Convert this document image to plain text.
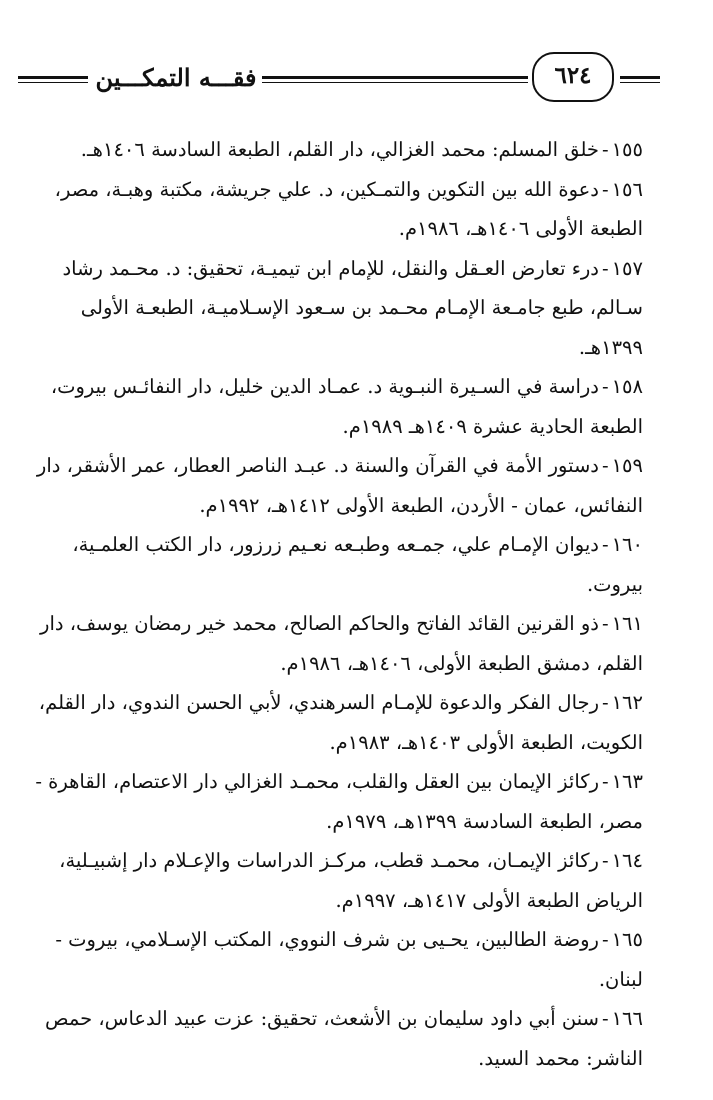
فقـــه التمكـــين	٦٢٤
١٥٥-خلق المسلم: محمد الغزالي، دار القلم، الطبعة السادسة ١٤٠٦هـ.
١٥٦-دعوة الله بين التكوين والتمـكين، د. علي جريشة، مكتبة وهبـة، مصر، الطبعة الأولى ١٤٠٦هـ، ١٩٨٦م.
١٥٧-درء تعارض العـقل والنقل، للإمام ابن تيميـة، تحقيق: د. محـمد رشاد سـالم، طبع جامـعة الإمـام محـمد بن سـعود الإسـلاميـة، الطبعـة الأولى ١٣٩٩هـ.
١٥٨-دراسة في السـيرة النبـوية د. عمـاد الدين خليل، دار النفائـس بيروت، الطبعة الحادية عشرة ١٤٠٩هـ ١٩٨٩م.
١٥٩-دستور الأمة في القرآن والسنة د. عبـد الناصر العطار، عمر الأشقر، دار النفائس، عمان - الأردن، الطبعة الأولى ١٤١٢هـ، ١٩٩٢م.
١٦٠-ديوان الإمـام علي، جمـعه وطبـعه نعـيم زرزور، دار الكتب العلمـية، بيروت.
١٦١-ذو القرنين القائد الفاتح والحاكم الصالح، محمد خير رمضان يوسف، دار القلم، دمشق الطبعة الأولى، ١٤٠٦هـ، ١٩٨٦م.
١٦٢-رجال الفكر والدعوة للإمـام السرهندي، لأبي الحسن الندوي، دار القلم، الكويت، الطبعة الأولى ١٤٠٣هـ، ١٩٨٣م.
١٦٣-ركائز الإيمان بين العقل والقلب، محمـد الغزالي دار الاعتصام، القاهرة - مصر، الطبعة السادسة ١٣٩٩هـ، ١٩٧٩م.
١٦٤-ركائز الإيمـان، محمـد قطب، مركـز الدراسات والإعـلام دار إشبيـلية، الرياض الطبعة الأولى ١٤١٧هـ، ١٩٩٧م.
١٦٥-روضة الطالبين، يحـيى بن شرف النووي، المكتب الإسـلامي، بيروت - لبنان.
١٦٦-سنن أبي داود سليمان بن الأشعث، تحقيق: عزت عبيد الدعاس، حمص الناشر: محمد السيد.
